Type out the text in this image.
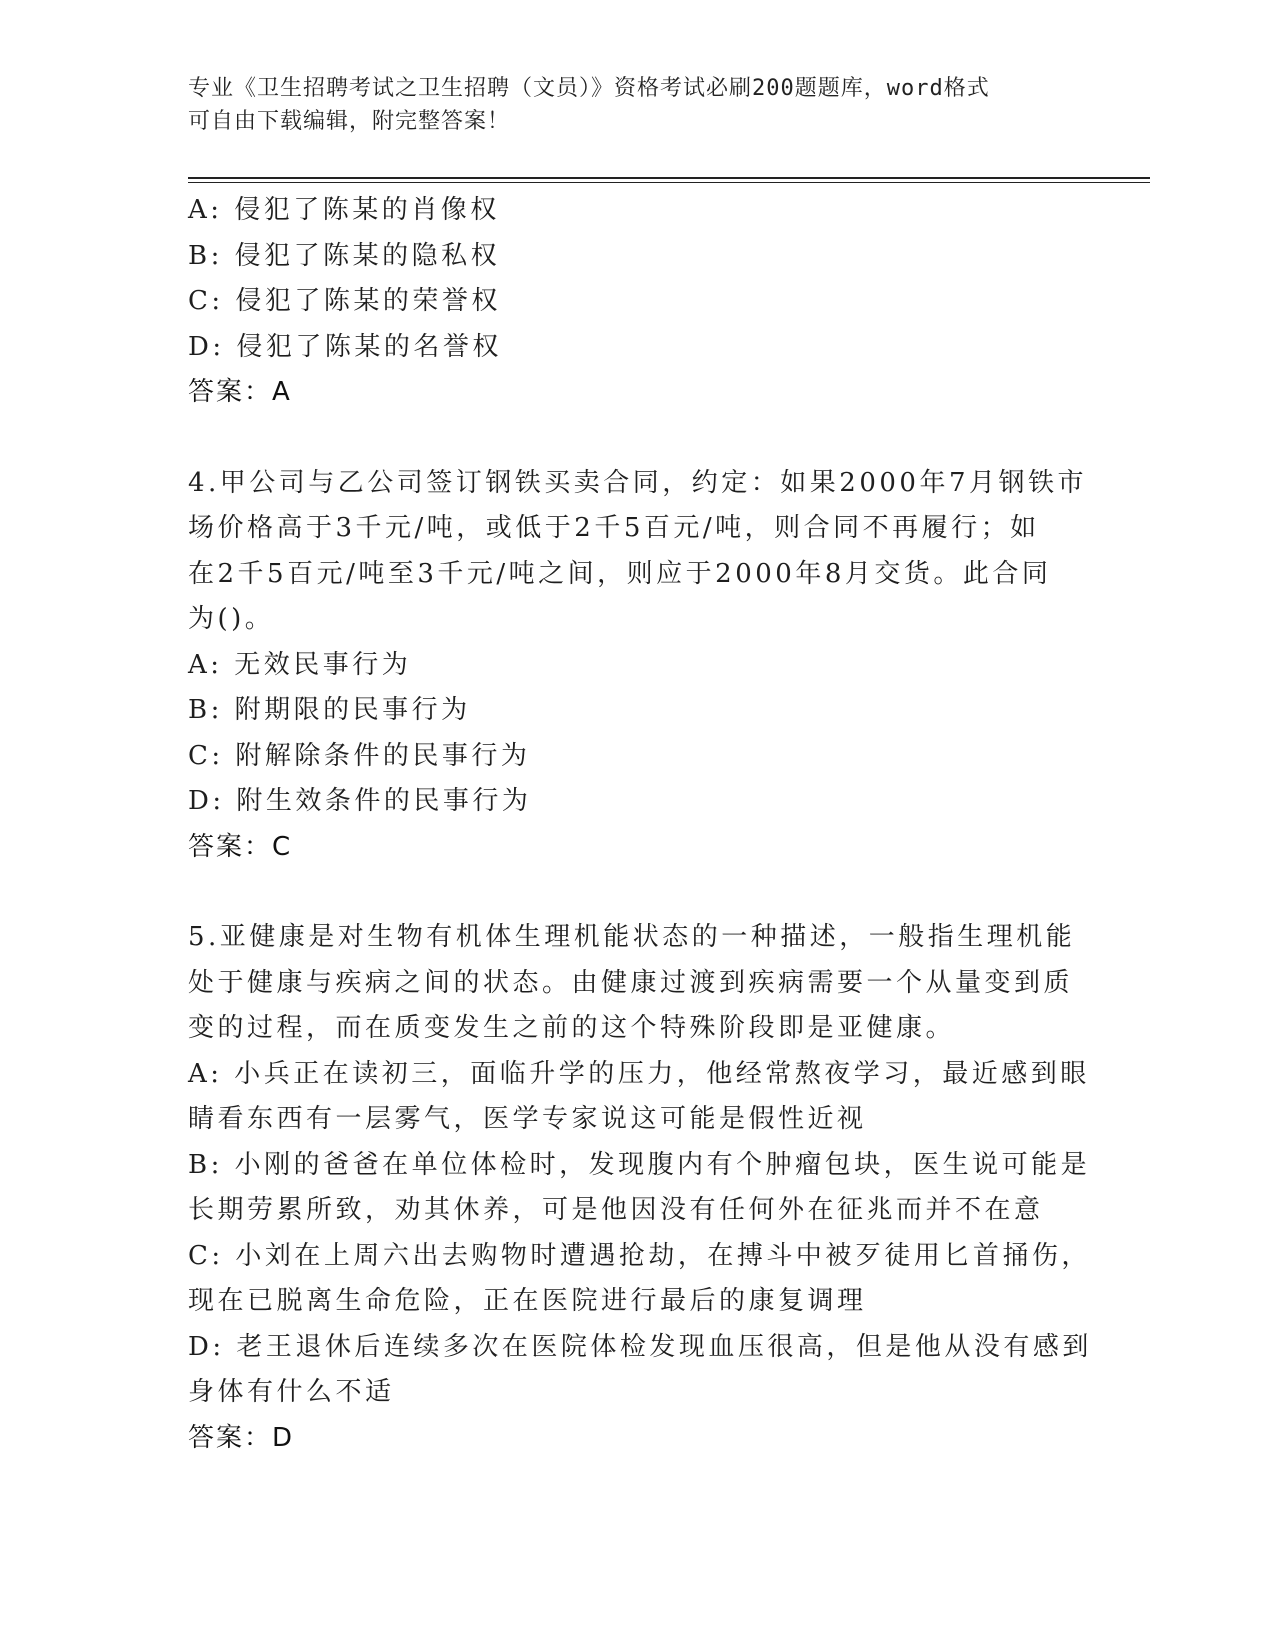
专业《卫生招聘考试之卫生招聘（文员）》资格考试必刷200题题库，word格式
可自由下载编辑，附完整答案！
A: 侵犯了陈某的肖像权
B: 侵犯了陈某的隐私权
C: 侵犯了陈某的荣誉权
D: 侵犯了陈某的名誉权
答案：A
4.甲公司与乙公司签订钢铁买卖合同，约定：如果2000年7月钢铁市
场价格高于3千元/吨，或低于2千5百元/吨，则合同不再履行；如
在2千5百元/吨至3千元/吨之间，则应于2000年8月交货。此合同
为()。
A: 无效民事行为
B: 附期限的民事行为
C: 附解除条件的民事行为
D: 附生效条件的民事行为
答案：C
5.亚健康是对生物有机体生理机能状态的一种描述，一般指生理机能
处于健康与疾病之间的状态。由健康过渡到疾病需要一个从量变到质
变的过程，而在质变发生之前的这个特殊阶段即是亚健康。
A: 小兵正在读初三，面临升学的压力，他经常熬夜学习，最近感到眼
睛看东西有一层雾气，医学专家说这可能是假性近视
B: 小刚的爸爸在单位体检时，发现腹内有个肿瘤包块，医生说可能是
长期劳累所致，劝其休养，可是他因没有任何外在征兆而并不在意
C: 小刘在上周六出去购物时遭遇抢劫，在搏斗中被歹徒用匕首捅伤，
现在已脱离生命危险，正在医院进行最后的康复调理
D: 老王退休后连续多次在医院体检发现血压很高，但是他从没有感到
身体有什么不适
答案：D
